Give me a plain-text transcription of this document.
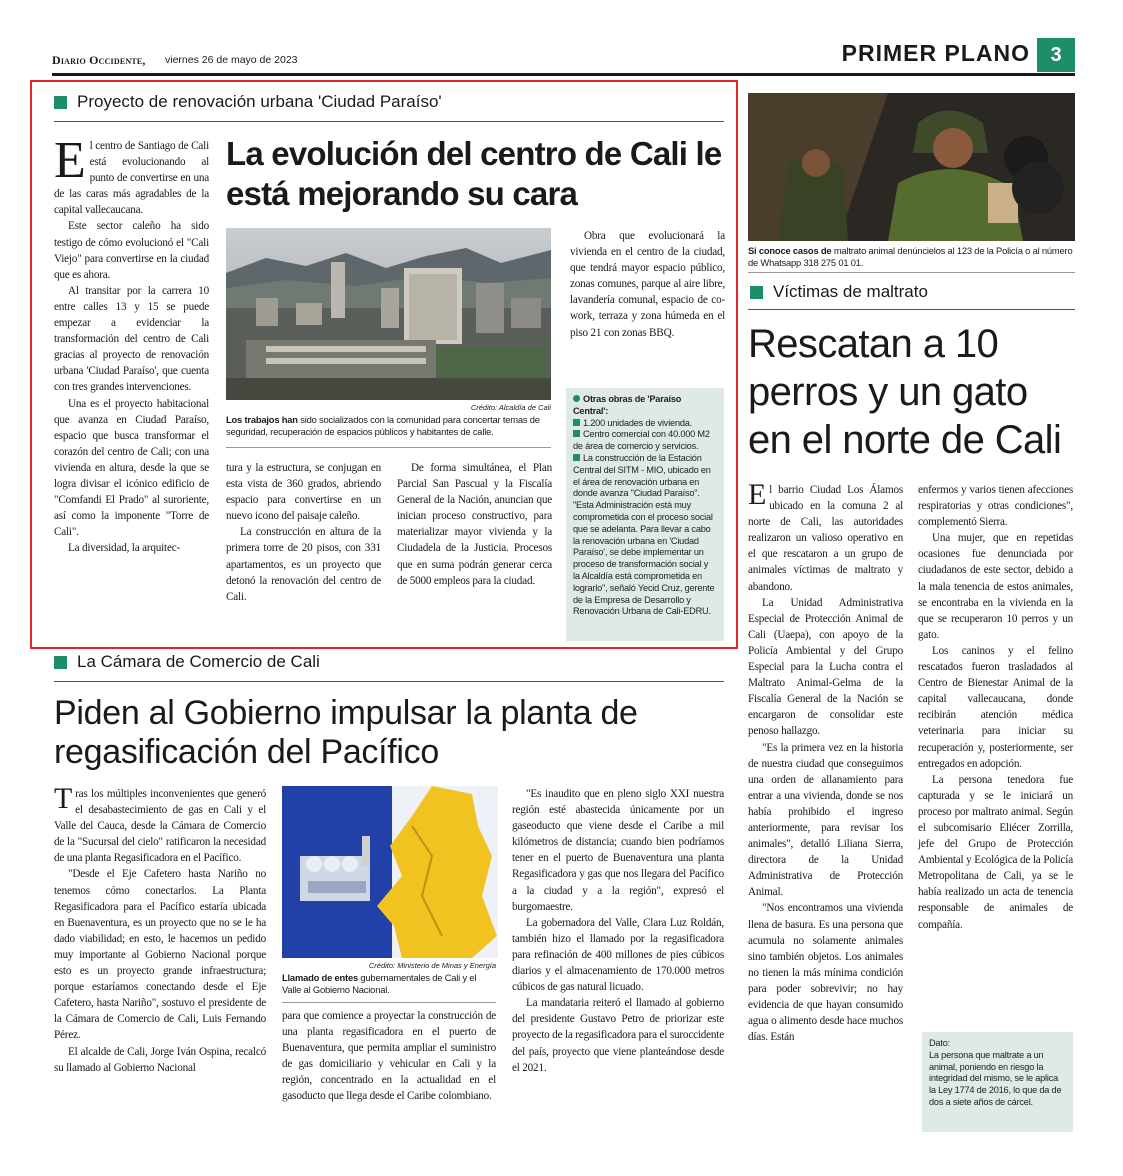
Diario Occidente, viernes 26 de mayo de 2023	PRIMER PLANO	3
Proyecto de renovación urbana 'Ciudad Paraíso'

El centro de Santiago de Cali está evolucionando al punto de convertirse en una de las caras más agradables de la capital vallecaucana.

Este sector caleño ha sido testigo de cómo evolucionó el "Cali Viejo" para convertirse en la ciudad que es ahora.

Al transitar por la carrera 10 entre calles 13 y 15 se puede empezar a evidenciar la transformación del centro de Cali gracias al proyecto de renovación urbana 'Ciudad Paraíso', que cuenta con tres grandes intervenciones.

Una es el proyecto habitacional que avanza en Ciudad Paraíso, espacio que busca transformar el corazón del centro de Cali; con una vivienda en altura, desde la que se logra divisar el icónico edificio de "Comfandi El Prado" al suroriente, así como la imponente "Torre de Cali".

La diversidad, la arquitec-

La evolución del centro de Cali le está mejorando su cara
Crédito: Alcaldía de Cali
Los trabajos han sido socializados con la comunidad para concertar temas de seguridad, recuperación de espacios públicos y habitantes de calle.

tura y la estructura, se conjugan en esta vista de 360 grados, abriendo espacio para convertirse en un nuevo icono del paisaje caleño.

La construcción en altura de la primera torre de 20 pisos, con 331 apartamentos, es un proyecto que detonó la renovación del centro de Cali.

De forma simultánea, el Plan Parcial San Pascual y la Fiscalía General de la Nación, anuncian que inician proceso constructivo, para materializar mayor vivienda y la Ciudadela de la Justicia. Procesos que en suma podrán generar cerca de 5000 empleos para la ciudad.

Obra que evolucionará la vivienda en el centro de la ciudad, que tendrá mayor espacio público, zonas comunes, parque al aire libre, lavandería comunal, espacio de co-work, terraza y zona húmeda en el piso 21 con zonas BBQ.

Otras obras de 'Paraíso Central':
1.200 unidades de vivienda.
Centro comercial con 40.000 M2 de área de comercio y servicios.
La construcción de la Estación Central del SITM - MIO, ubicado en el área de renovación urbana en donde avanza "Ciudad Paraíso".
"Esta Administración está muy comprometida con el proceso social que se adelanta. Para llevar a cabo la renovación urbana en 'Ciudad Paraíso', se debe implementar un proceso de transformación social y la Alcaldía está comprometida en lograrlo", señaló Yecid Cruz, gerente de la Empresa de Desarrollo y Renovación Urbana de Cali-EDRU.
La Cámara de Comercio de Cali
Piden al Gobierno impulsar la planta de regasificación del Pacífico

Tras los múltiples inconvenientes que generó el desabastecimiento de gas en Cali y el Valle del Cauca, desde la Cámara de Comercio de la "Sucursal del cielo" ratificaron la necesidad de una planta Regasificadora en el Pacífico.

"Desde el Eje Cafetero hasta Nariño no tenemos cómo conectarlos. La Planta Regasificadora para el Pacífico estaría ubicada en Buenaventura, es un proyecto que no se le ha dado viabilidad; en esto, le hacemos un pedido muy importante al Gobierno Nacional porque esto es un proyecto grande infraestructura; porque estaríamos conectando desde el Eje Cafetero, hasta Nariño", sostuvo el presidente de la Cámara de Comercio de Cali, Luis Fernando Pérez.

El alcalde de Cali, Jorge Iván Ospina, recalcó su llamado al Gobierno Nacional

Crédito: Ministerio de Minas y Energía
Llamado de entes gubernamentales de Cali y el Valle al Gobierno Nacional.

para que comience a proyectar la construcción de una planta regasificadora en el puerto de Buenaventura, que permita ampliar el suministro de gas domiciliario y vehicular en Cali y la región, concentrado en la actualidad en el gasoducto que llega desde el Caribe colombiano.

"Es inaudito que en pleno siglo XXI nuestra región esté abastecida únicamente por un gaseoducto que viene desde el Caribe a mil kilómetros de distancia; cuando bien podríamos tener en el puerto de Buenaventura una planta Regasificadora y gas que nos llegara del Pacífico a la ciudad y a la región", expresó el burgomaestre.

La gobernadora del Valle, Clara Luz Roldán, también hizo el llamado por la regasificadora para refinación de 400 millones de pies cúbicos diarios y el almacenamiento de 170.000 metros cúbicos de gas natural licuado.

La mandataria reiteró el llamado al gobierno del presidente Gustavo Petro de priorizar este proyecto de la regasificadora para el suroccidente del país, proyecto que viene planteándose desde el 2021.

Si conoce casos de maltrato animal denúncielos al 123 de la Policía o al número de Whatsapp 318 275 01 01.
Víctimas de maltrato
Rescatan a 10 perros y un gato en el norte de Cali

El barrio Ciudad Los Álamos ubicado en la comuna 2 al norte de Cali, las autoridades realizaron un valioso operativo en el que rescataron a un grupo de animales víctimas de maltrato y abandono.

La Unidad Administrativa Especial de Protección Animal de Cali (Uaepa), con apoyo de la Policía Ambiental y del Grupo Especial para la Lucha contra el Maltrato Animal-Gelma de la Fiscalía General de la Nación se encargaron de consolidar este penoso hallazgo.

"Es la primera vez en la historia de nuestra ciudad que conseguimos una orden de allanamiento para entrar a una vivienda, donde se nos había prohibido el ingreso anteriormente, para revisar los animales", detalló Liliana Sierra, directora de la Unidad Administrativa de Protección Animal.

"Nos encontramos una vivienda llena de basura. Es una persona que acumula no solamente animales sino también objetos. Los animales no tienen la más mínima condición para poder sobrevivir; no hay evidencia de que hayan consumido agua o alimento desde hace muchos días. Están

enfermos y varios tienen afecciones respiratorias y otras condiciones", complementó Sierra.

Una mujer, que en repetidas ocasiones fue denunciada por ciudadanos de este sector, debido a la mala tenencia de estos animales, se encontraba en la vivienda en la que se recuperaron 10 perros y un gato.

Los caninos y el felino rescatados fueron trasladados al Centro de Bienestar Animal de la capital vallecaucana, donde recibirán atención médica veterinaria para iniciar su recuperación y, posteriormente, ser entregados en adopción.

La persona tenedora fue capturada y se le iniciará un proceso por maltrato animal. Según el subcomisario Eliécer Zorrilla, jefe del Grupo de Protección Ambiental y Ecológica de la Policía Metropolitana de Cali, ya se le había realizado un acta de tenencia responsable de animales de compañía.

Dato:
La persona que maltrate a un animal, poniendo en riesgo la integridad del mismo, se le aplica la Ley 1774 de 2016, lo que da de dos a siete años de cárcel.
